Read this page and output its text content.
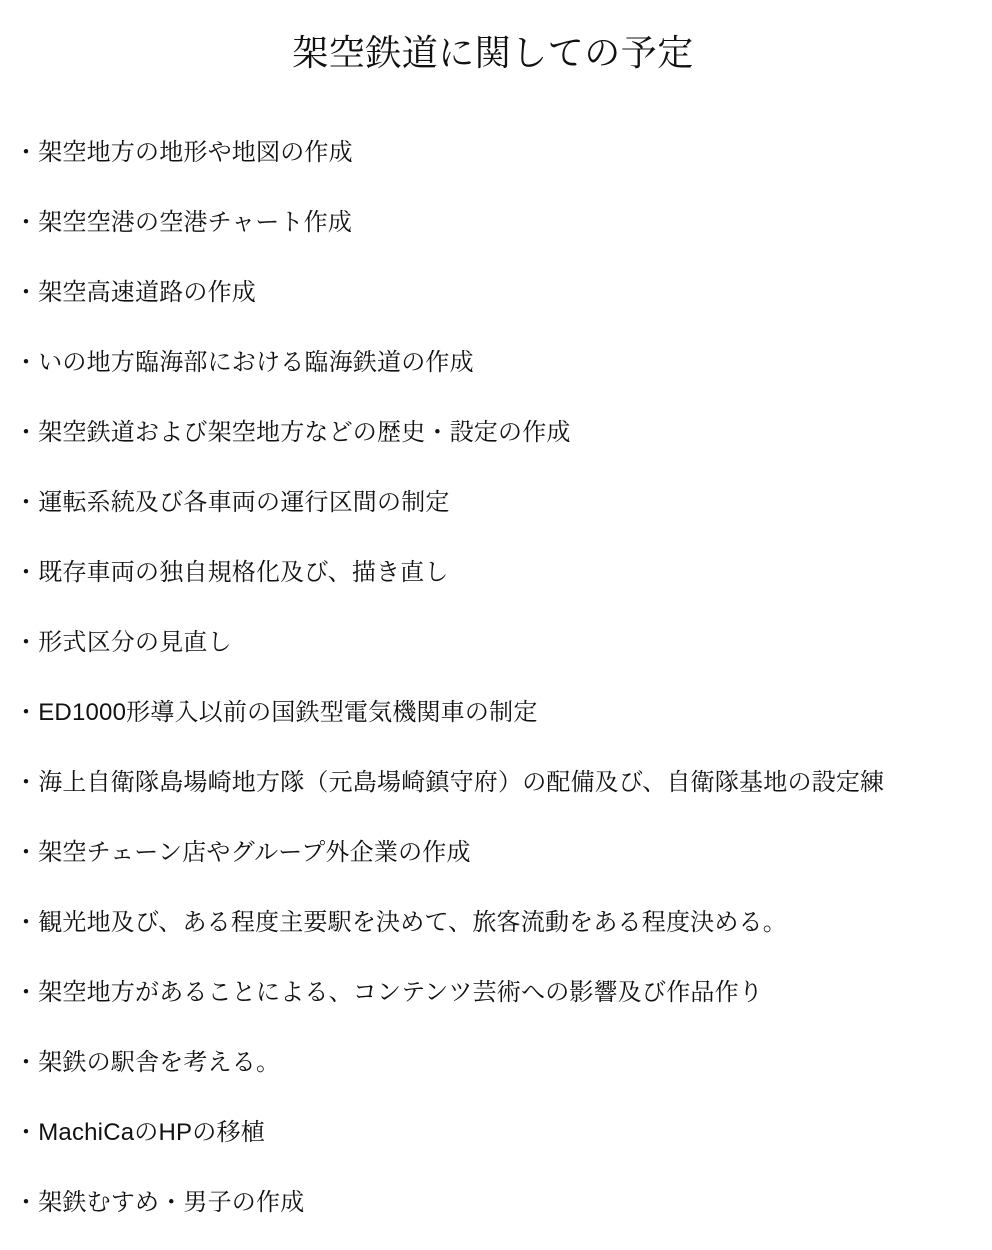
架空鉄道に関しての予定
・架空地方の地形や地図の作成
・架空空港の空港チャート作成
・架空高速道路の作成
・いの地方臨海部における臨海鉄道の作成
・架空鉄道および架空地方などの歴史・設定の作成
・運転系統及び各車両の運行区間の制定
・既存車両の独自規格化及び、描き直し
・形式区分の見直し
・ED1000形導入以前の国鉄型電気機関車の制定
・海上自衛隊島場崎地方隊（元島場崎鎮守府）の配備及び、自衛隊基地の設定練
・架空チェーン店やグループ外企業の作成
・観光地及び、ある程度主要駅を決めて、旅客流動をある程度決める。
・架空地方があることによる、コンテンツ芸術への影響及び作品作り
・架鉄の駅舎を考える。
・MachiCaのHPの移植
・架鉄むすめ・男子の作成
